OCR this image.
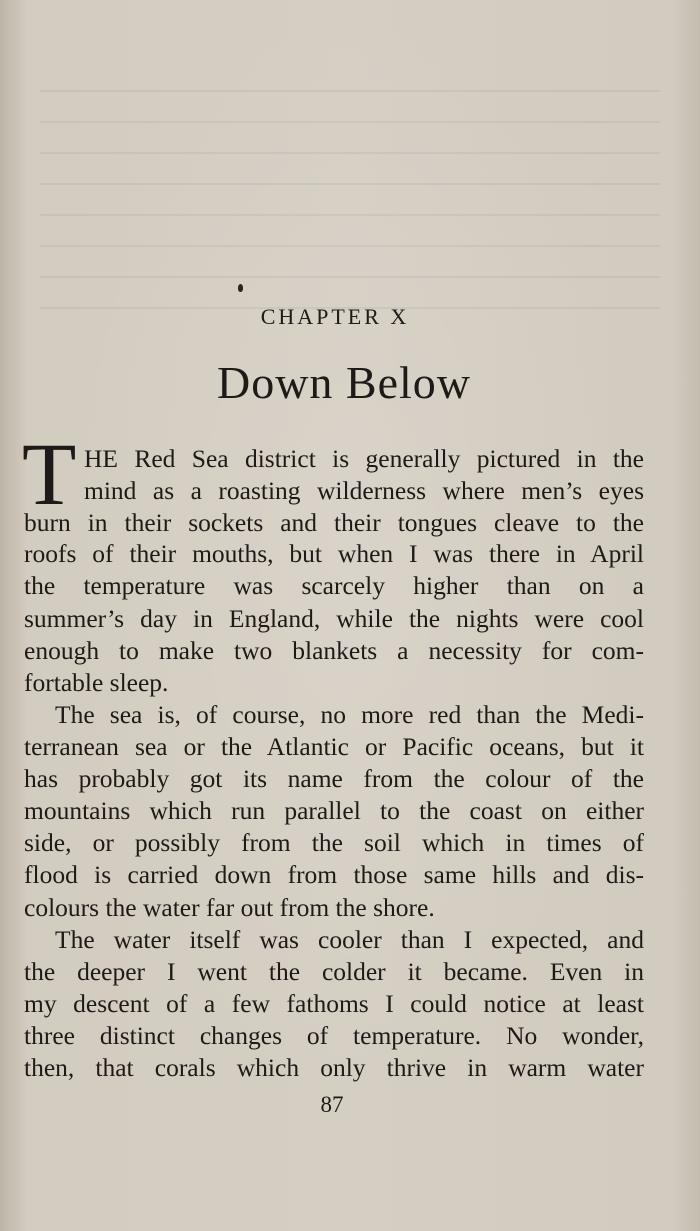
CHAPTER X
Down Below
T HE Red Sea district is generally pictured in the
mind as a roasting wilderness where men’s eyes
burn in their sockets and their tongues cleave to the
roofs of their mouths, but when I was there in April
the temperature was scarcely higher than on a
summer’s day in England, while the nights were cool
enough to make two blankets a necessity for com-
fortable sleep.
The sea is, of course, no more red than the Medi-
terranean sea or the Atlantic or Pacific oceans, but it
has probably got its name from the colour of the
mountains which run parallel to the coast on either
side, or possibly from the soil which in times of
flood is carried down from those same hills and dis-
colours the water far out from the shore.
The water itself was cooler than I expected, and
the deeper I went the colder it became. Even in
my descent of a few fathoms I could notice at least
three distinct changes of temperature. No wonder,
then, that corals which only thrive in warm water
87
